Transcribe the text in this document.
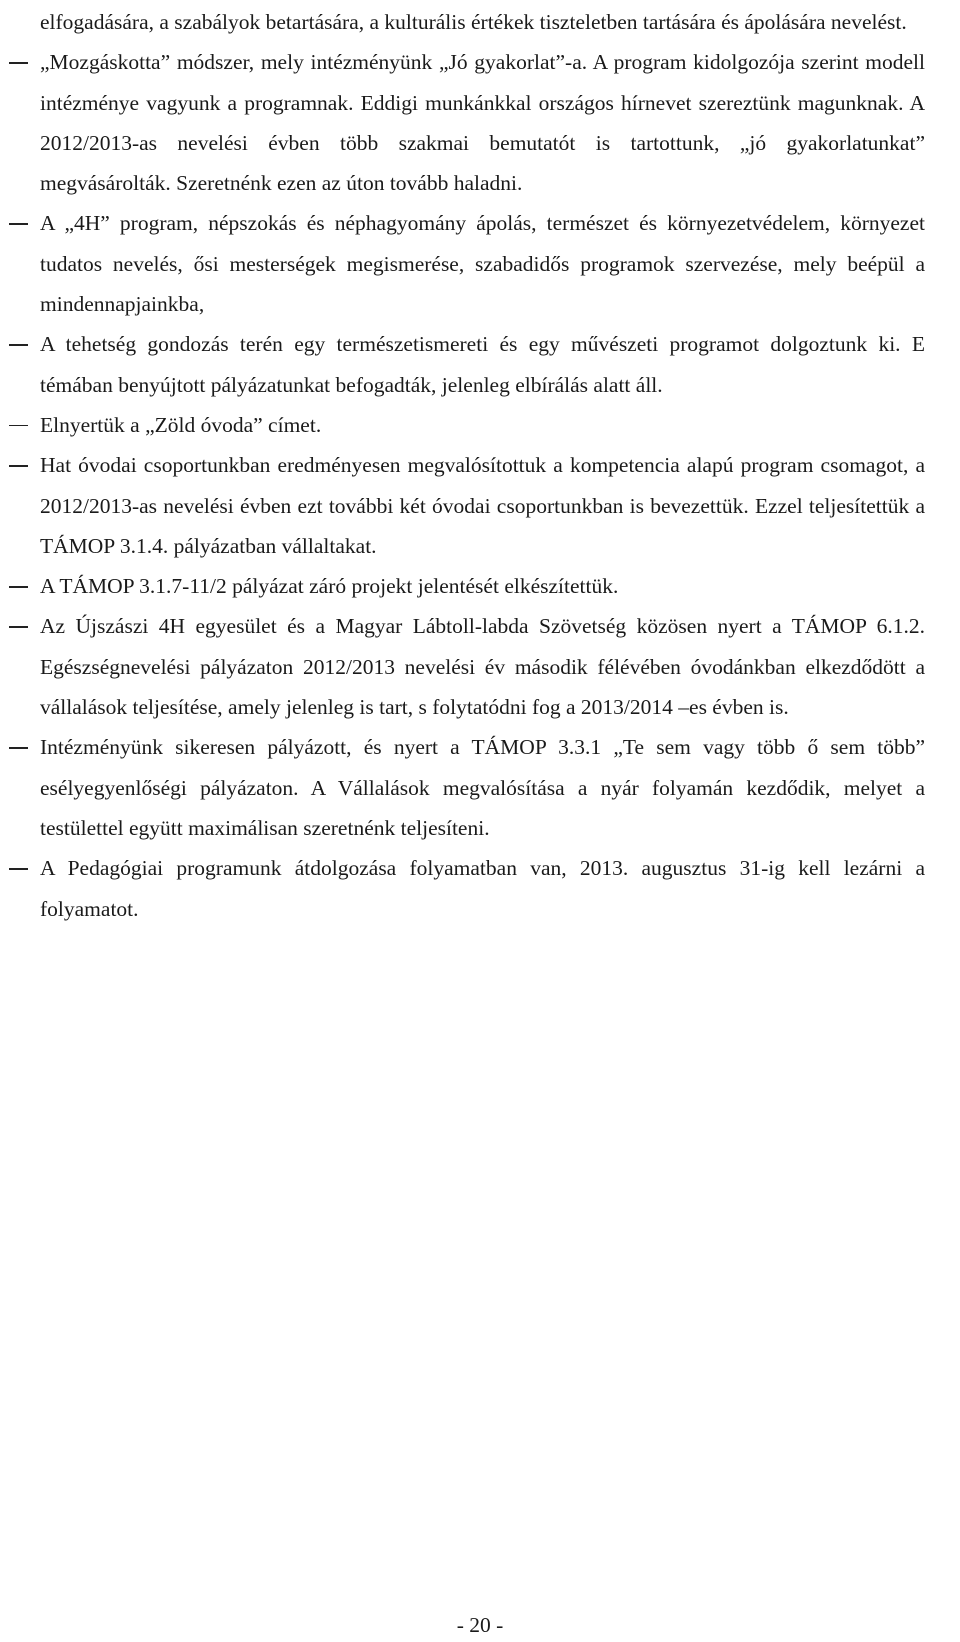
elfogadására, a szabályok betartására, a kulturális értékek tiszteletben tartására és ápolására nevelést.

„Mozgáskotta” módszer, mely intézményünk „Jó gyakorlat”-a. A program kidolgozója szerint modell intézménye vagyunk a programnak. Eddigi munkánkkal országos hírnevet szereztünk magunknak. A 2012/2013-as nevelési évben több szakmai bemutatót is tartottunk, „jó gyakorlatunkat” megvásárolták. Szeretnénk ezen az úton tovább haladni.

A „4H” program, népszokás és néphagyomány ápolás, természet és környezetvédelem, környezet tudatos nevelés, ősi mesterségek megismerése, szabadidős programok szervezése, mely beépül a mindennapjainkba,

A tehetség gondozás terén egy természetismereti és egy művészeti programot dolgoztunk ki. E témában benyújtott pályázatunkat befogadták, jelenleg elbírálás alatt áll.

Elnyertük a „Zöld óvoda” címet.

Hat óvodai csoportunkban eredményesen megvalósítottuk a kompetencia alapú program csomagot, a 2012/2013-as nevelési évben ezt további két óvodai csoportunkban is bevezettük. Ezzel teljesítettük a TÁMOP 3.1.4. pályázatban vállaltakat.

A TÁMOP 3.1.7-11/2 pályázat záró projekt jelentését elkészítettük.

Az Újszászi 4H egyesület és a Magyar Lábtoll-labda Szövetség közösen nyert a TÁMOP 6.1.2. Egészségnevelési pályázaton 2012/2013 nevelési év második félévében óvodánkban elkezdődött a vállalások teljesítése, amely jelenleg is tart, s folytatódni fog a 2013/2014 –es évben is.

Intézményünk sikeresen pályázott, és nyert a TÁMOP 3.3.1 „Te sem vagy több ő sem több” esélyegyenlőségi pályázaton. A Vállalások megvalósítása a nyár folyamán kezdődik, melyet a testülettel együtt maximálisan szeretnénk teljesíteni.

A Pedagógiai programunk átdolgozása folyamatban van, 2013. augusztus 31-ig kell lezárni a folyamatot.

- 20 -
